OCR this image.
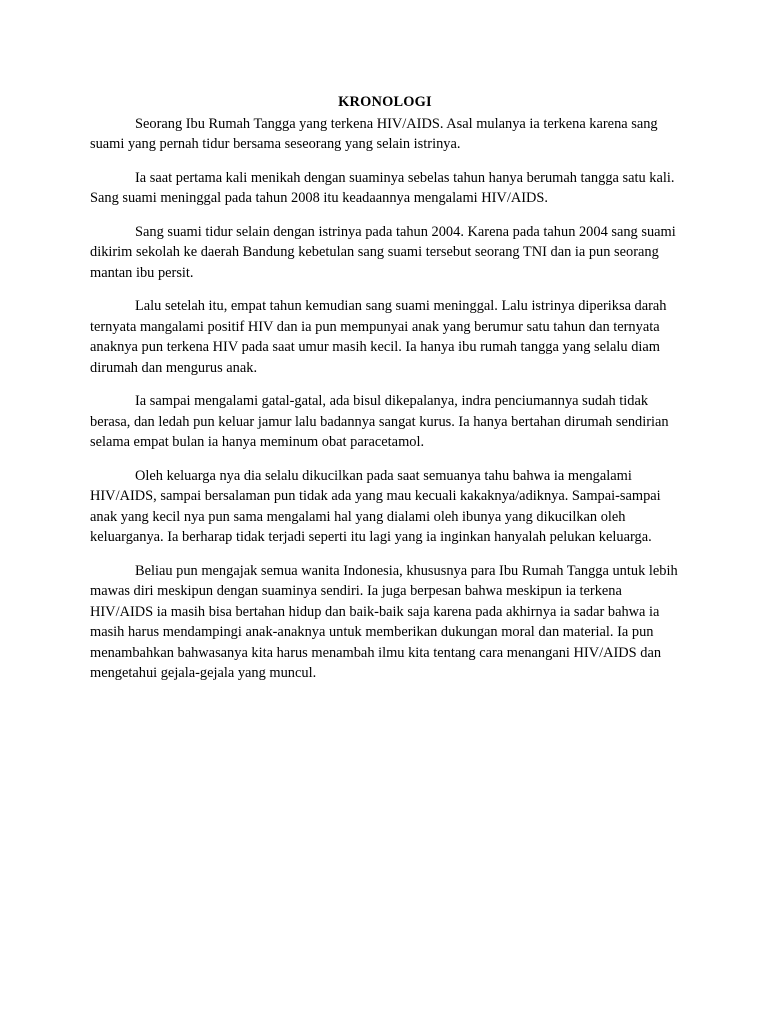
KRONOLOGI

Seorang Ibu Rumah Tangga yang terkena HIV/AIDS. Asal mulanya ia terkena karena sang suami yang pernah tidur bersama seseorang yang selain istrinya.

Ia saat pertama kali menikah dengan suaminya sebelas tahun hanya berumah tangga satu kali. Sang suami meninggal pada tahun 2008 itu keadaannya mengalami HIV/AIDS.

Sang suami tidur selain dengan istrinya pada tahun 2004. Karena pada tahun 2004 sang suami dikirim sekolah ke daerah Bandung kebetulan sang suami tersebut seorang TNI dan ia pun seorang mantan ibu persit.

Lalu setelah itu, empat tahun kemudian sang suami meninggal. Lalu istrinya diperiksa darah ternyata mangalami positif HIV dan ia pun mempunyai anak yang berumur satu tahun dan ternyata anaknya pun terkena HIV pada saat umur masih kecil. Ia hanya ibu rumah tangga yang selalu diam dirumah dan mengurus anak.

Ia sampai mengalami gatal-gatal, ada bisul dikepalanya, indra penciumannya sudah tidak berasa, dan ledah pun keluar jamur lalu badannya sangat kurus. Ia hanya bertahan dirumah sendirian selama empat bulan ia hanya meminum obat paracetamol.

Oleh keluarga nya dia selalu dikucilkan pada saat semuanya tahu bahwa ia mengalami HIV/AIDS, sampai bersalaman pun tidak ada yang mau kecuali kakaknya/adiknya. Sampai-sampai anak yang kecil nya pun sama mengalami hal yang dialami oleh ibunya yang dikucilkan oleh keluarganya. Ia berharap tidak terjadi seperti itu lagi yang ia inginkan hanyalah pelukan keluarga.

Beliau pun mengajak semua wanita Indonesia, khususnya para Ibu Rumah Tangga untuk lebih mawas diri meskipun dengan suaminya sendiri. Ia juga berpesan bahwa meskipun ia terkena HIV/AIDS ia masih bisa bertahan hidup dan baik-baik saja karena pada akhirnya ia sadar bahwa ia masih harus mendampingi anak-anaknya untuk memberikan dukungan moral dan material. Ia pun menambahkan bahwasanya kita harus menambah ilmu kita tentang cara menangani HIV/AIDS dan mengetahui gejala-gejala yang muncul.
